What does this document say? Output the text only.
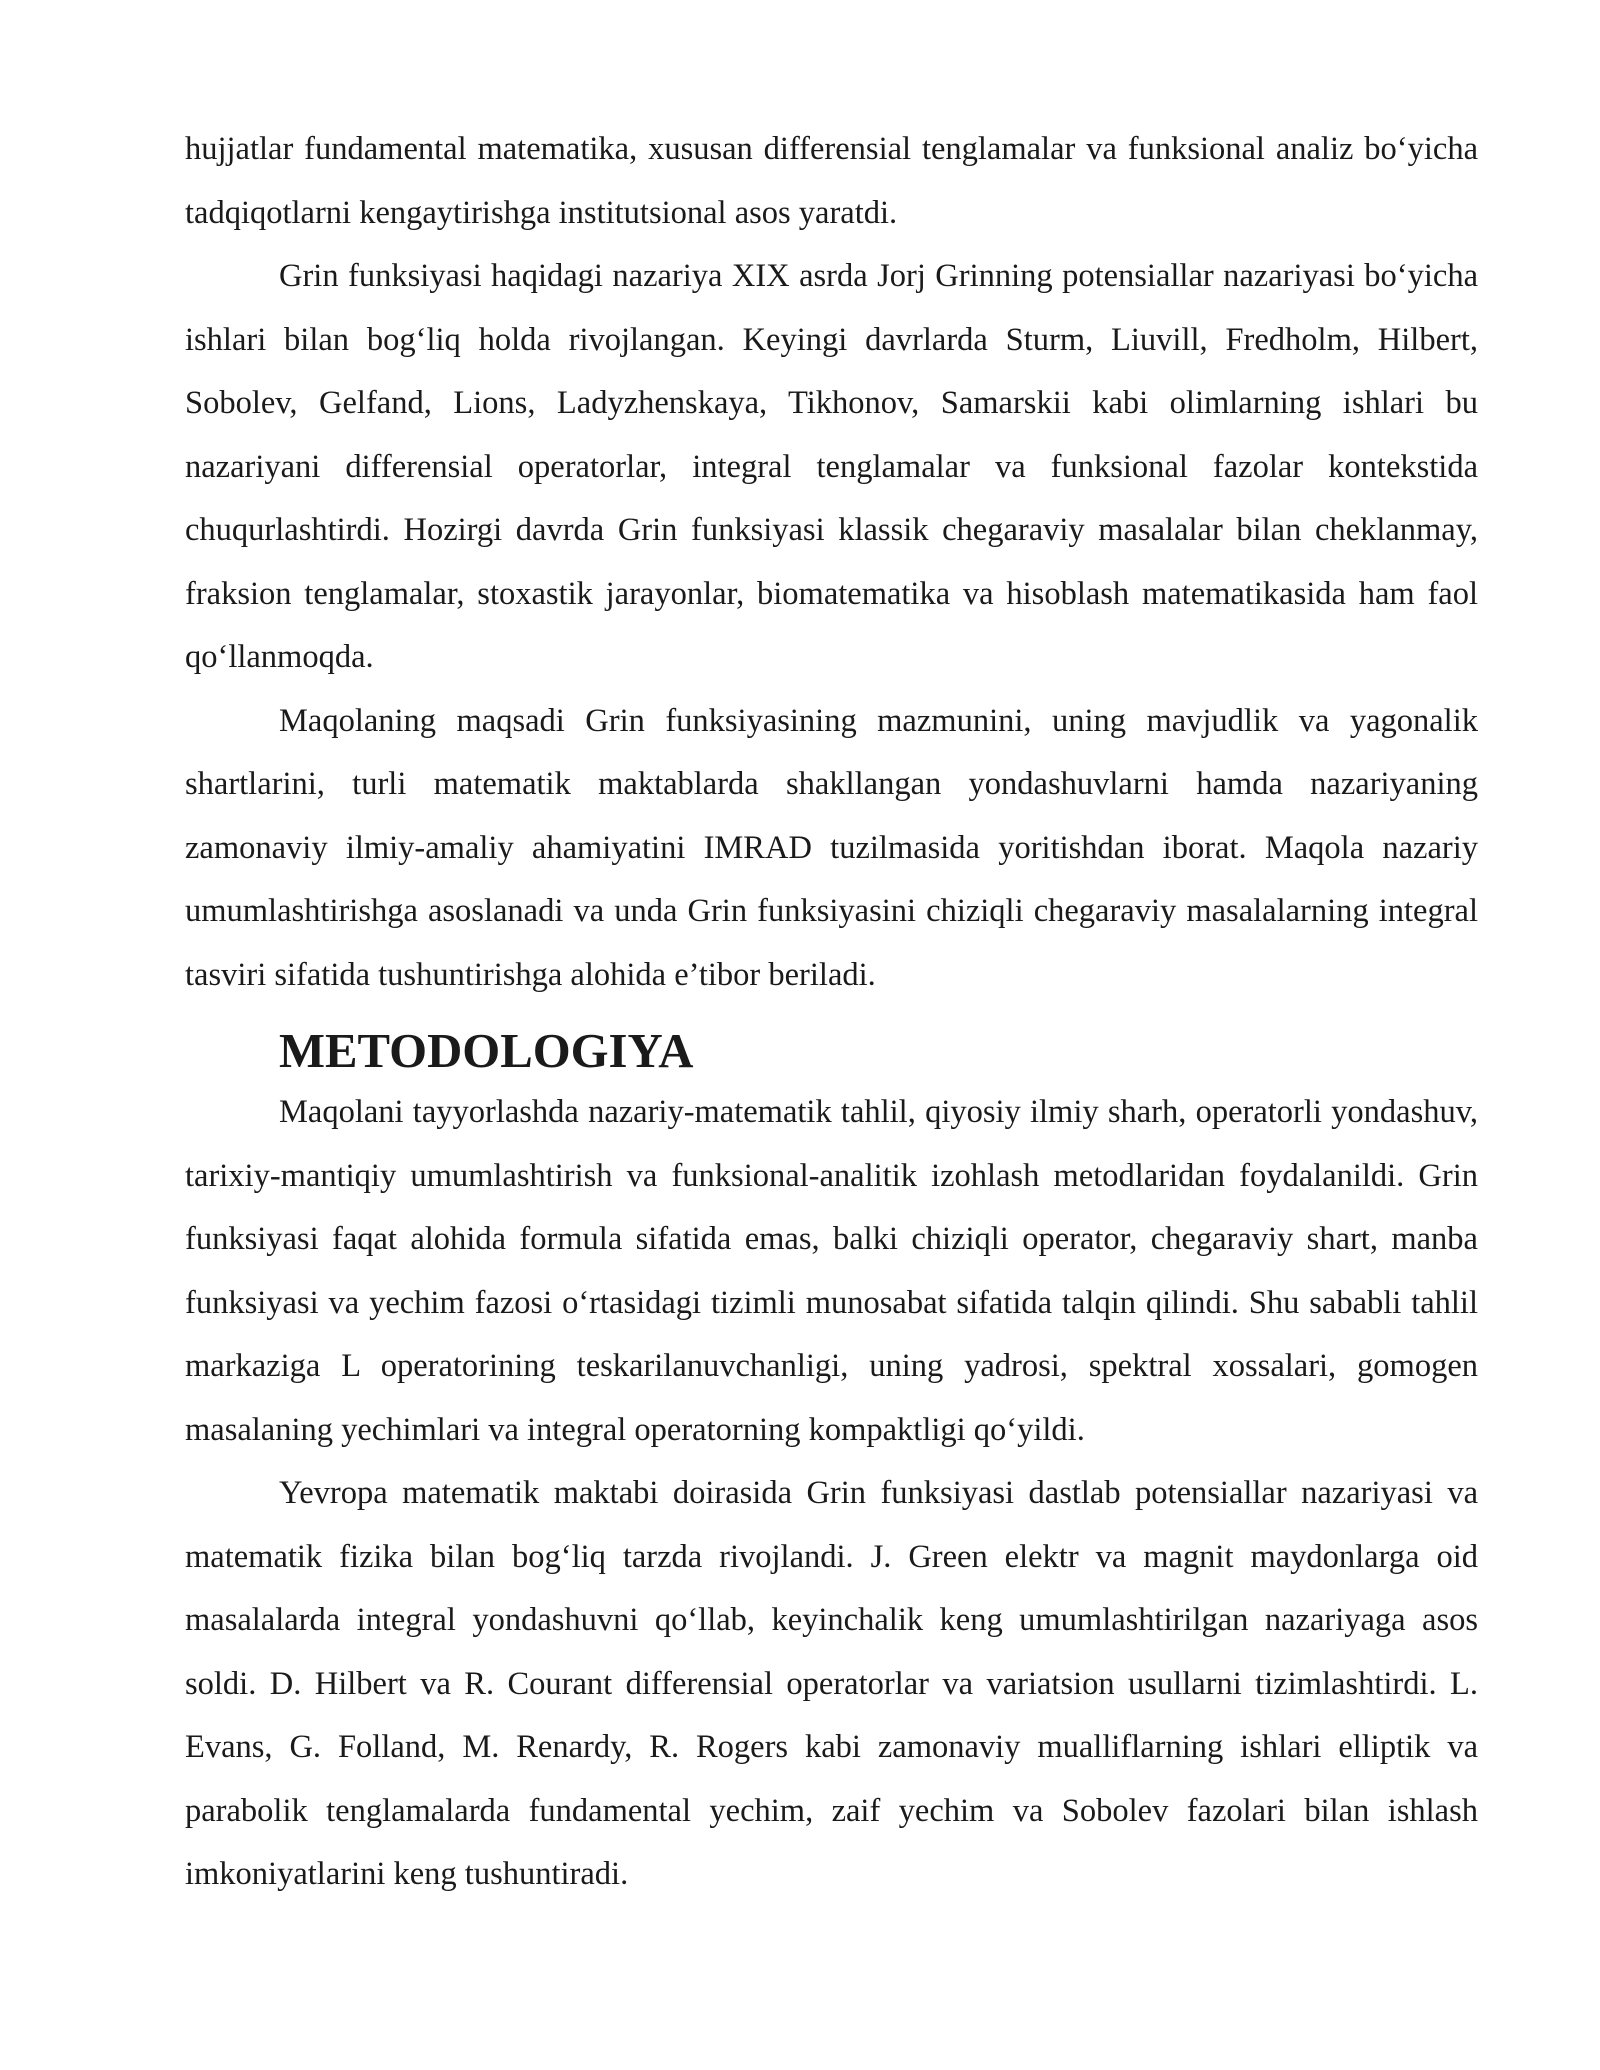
hujjatlar fundamental matematika, xususan differensial tenglamalar va funksional analiz bo‘yicha tadqiqotlarni kengaytirishga institutsional asos yaratdi.

Grin funksiyasi haqidagi nazariya XIX asrda Jorj Grinning potensiallar nazariyasi bo‘yicha ishlari bilan bog‘liq holda rivojlangan. Keyingi davrlarda Sturm, Liuvill, Fredholm, Hilbert, Sobolev, Gelfand, Lions, Ladyzhenskaya, Tikhonov, Samarskii kabi olimlarning ishlari bu nazariyani differensial operatorlar, integral tenglamalar va funksional fazolar kontekstida chuqurlashtirdi. Hozirgi davrda Grin funksiyasi klassik chegaraviy masalalar bilan cheklanmay, fraksion tenglamalar, stoxastik jarayonlar, biomatematika va hisoblash matematikasida ham faol qo‘llanmoqda.

Maqolaning maqsadi Grin funksiyasining mazmunini, uning mavjudlik va yagonalik shartlarini, turli matematik maktablarda shakllangan yondashuvlarni hamda nazariyaning zamonaviy ilmiy-amaliy ahamiyatini IMRAD tuzilmasida yoritishdan iborat. Maqola nazariy umumlashtirishga asoslanadi va unda Grin funksiyasini chiziqli chegaraviy masalalarning integral tasviri sifatida tushuntirishga alohida e’tibor beriladi.

METODOLOGIYA

Maqolani tayyorlashda nazariy-matematik tahlil, qiyosiy ilmiy sharh, operatorli yondashuv, tarixiy-mantiqiy umumlashtirish va funksional-analitik izohlash metodlaridan foydalanildi. Grin funksiyasi faqat alohida formula sifatida emas, balki chiziqli operator, chegaraviy shart, manba funksiyasi va yechim fazosi o‘rtasidagi tizimli munosabat sifatida talqin qilindi. Shu sababli tahlil markaziga L operatorining teskarilanuvchanligi, uning yadrosi, spektral xossalari, gomogen masalaning yechimlari va integral operatorning kompaktligi qo‘yildi.

Yevropa matematik maktabi doirasida Grin funksiyasi dastlab potensiallar nazariyasi va matematik fizika bilan bog‘liq tarzda rivojlandi. J. Green elektr va magnit maydonlarga oid masalalarda integral yondashuvni qo‘llab, keyinchalik keng umumlashtirilgan nazariyaga asos soldi. D. Hilbert va R. Courant differensial operatorlar va variatsion usullarni tizimlashtirdi. L. Evans, G. Folland, M. Renardy, R. Rogers kabi zamonaviy mualliflarning ishlari elliptik va parabolik tenglamalarda fundamental yechim, zaif yechim va Sobolev fazolari bilan ishlash imkoniyatlarini keng tushuntiradi.
